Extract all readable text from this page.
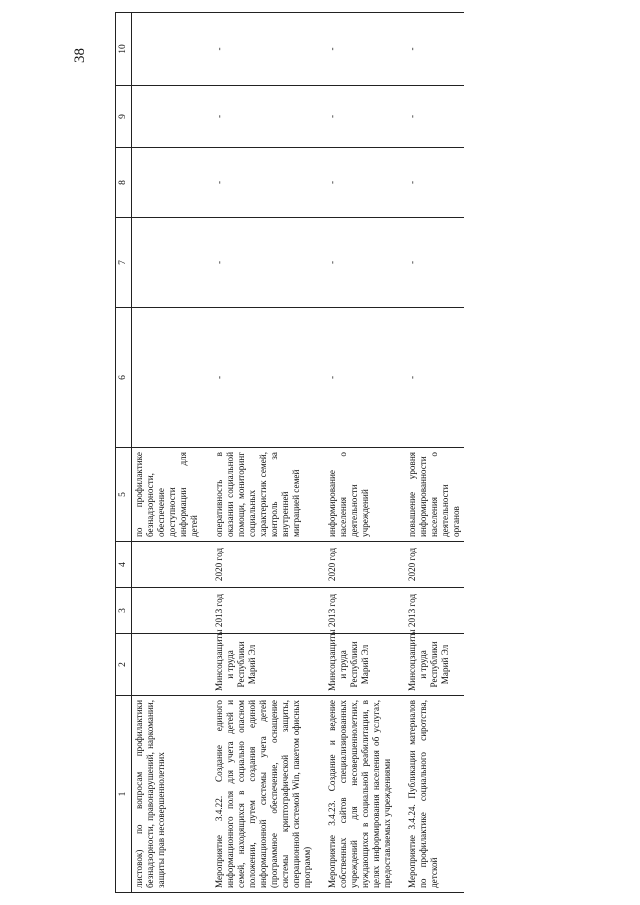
38
1	2	3	4	5	6	7	8	9	10
листовок) по вопросам профилактики безнадзорности, правонарушений, наркомании, защиты прав несовершеннолетних				по профилактике безнадзорности, обеспечение доступности информации для детей					

Мероприятие 3.4.22. Создание единого информационного поля для учета детей и семей, находящихся в социально опасном положении, путем создания единой информационной системы учета детей (программное обеспечение, оснащение системы криптографической защиты, операционной системой Win, пакетом офисных программ)	Минсоцзащиты и труда Республики Марий Эл	2013 год	2020 год	оперативность в оказании социальной помощи, мониторинг социальных характеристик семей, контроль за внутренней миграцией семей	-	-	-	-	-

Мероприятие 3.4.23. Создание и ведение собственных сайтов специализированных учреждений для несовершеннолетних, нуждающихся в социальной реабилитации, в целях информирования населения об услугах, предоставляемых учреждениями	Минсоцзащиты и труда Республики Марий Эл	2013 год	2020 год	информирование населения о деятельности учреждений	-	-	-	-	-

Мероприятие 3.4.24. Публикации материалов по профилактике социального сиротства, детской	Минсоцзащиты и труда Республики Марий Эл	2013 год	2020 год	повышение уровня информированности населения о деятельности органов	-	-	-	-	-
